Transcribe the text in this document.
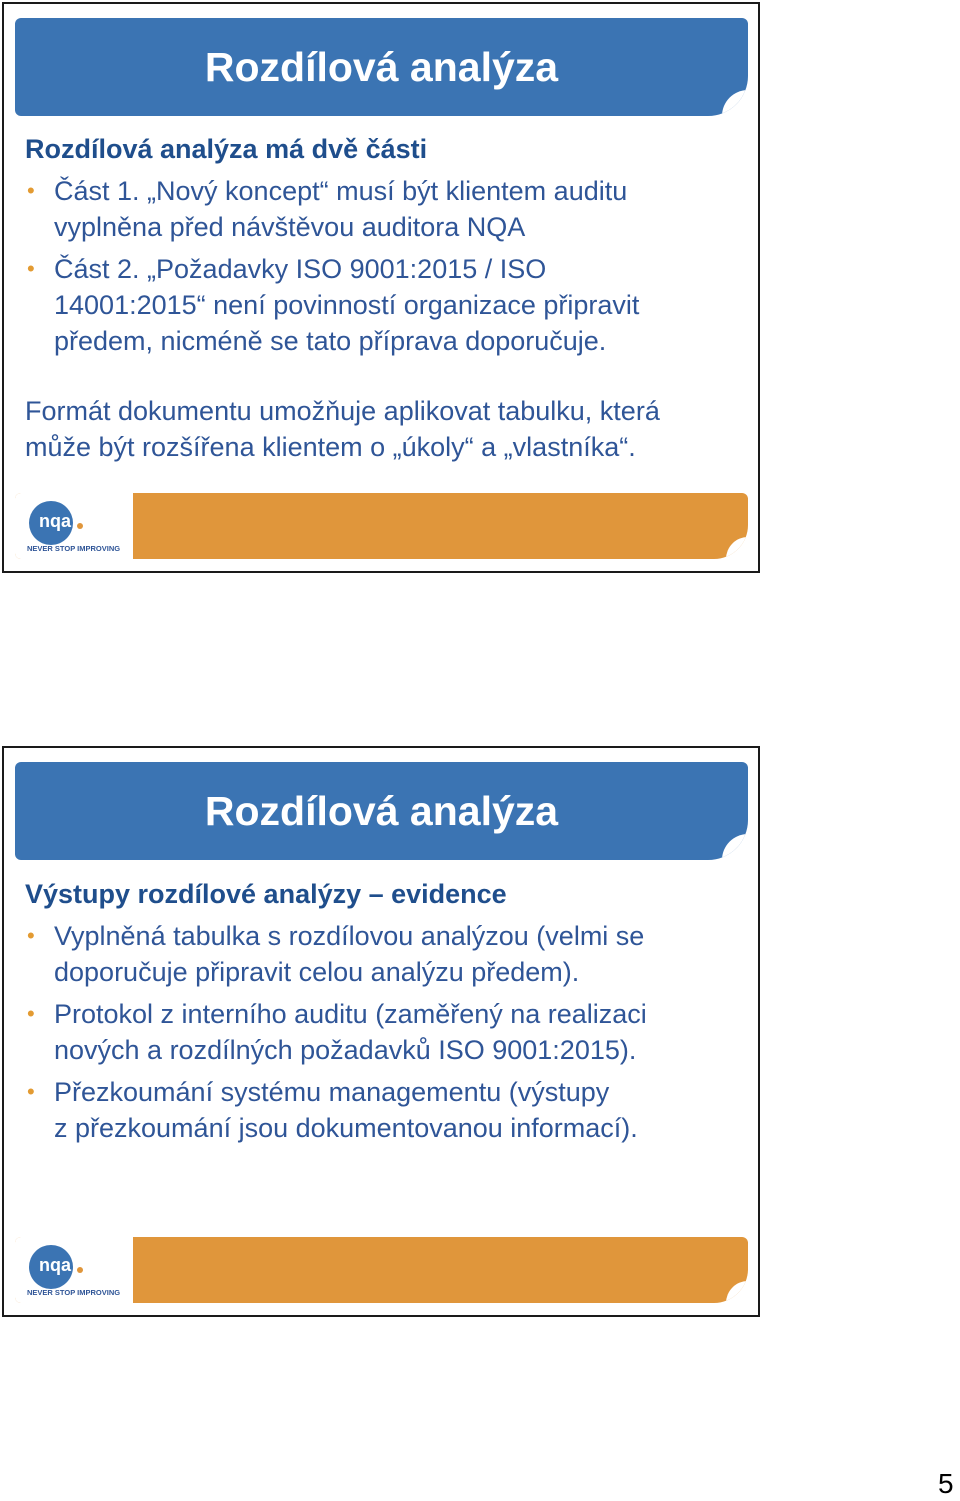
Rozdílová analýza
Rozdílová analýza má dvě části
• Část 1. „Nový koncept“ musí být klientem auditu
vyplněna před návštěvou auditora NQA
• Část 2. „Požadavky ISO 9001:2015 / ISO
14001:2015“ není povinností organizace připravit
předem, nicméně se tato příprava doporučuje.
Formát dokumentu umožňuje aplikovat tabulku, která
může být rozšířena klientem o „úkoly“ a „vlastníka“.
nqa
NEVER STOP IMPROVING
Rozdílová analýza
Výstupy rozdílové analýzy – evidence
• Vyplněná tabulka s rozdílovou analýzou (velmi se
doporučuje připravit celou analýzu předem).
• Protokol z interního auditu (zaměřený na realizaci
nových a rozdílných požadavků ISO 9001:2015).
• Přezkoumání systému managementu (výstupy
z přezkoumání jsou dokumentovanou informací).
nqa
NEVER STOP IMPROVING
5
